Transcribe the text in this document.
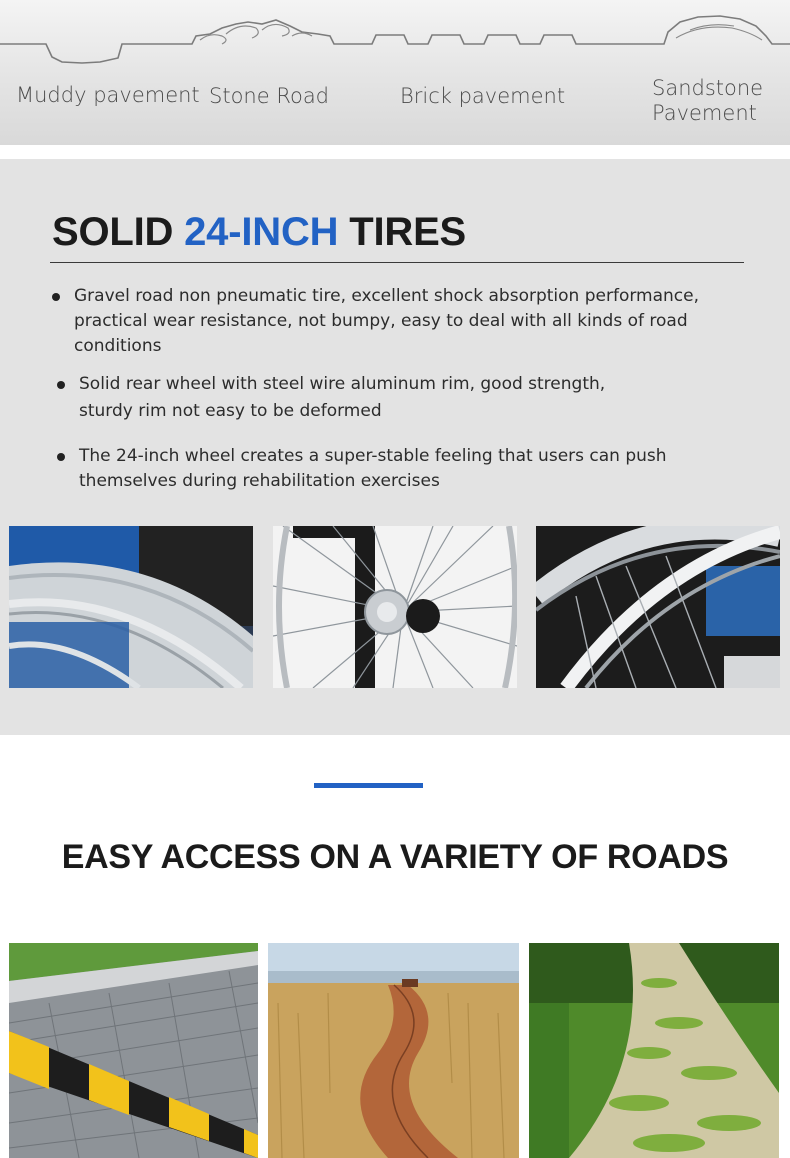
Muddy pavement Stone Road	Brick pavement	Sandstone Pavement
SOLID 24-INCH TIRES
Gravel road non pneumatic tire, excellent shock absorption performance,
practical wear resistance, not bumpy, easy to deal with all kinds of road
conditions
Solid rear wheel with steel wire aluminum rim, good strength,
sturdy rim not easy to be deformed
The 24-inch wheel creates a super-stable feeling that users can push
themselves during rehabilitation exercises
EASY ACCESS ON A VARIETY OF ROADS
